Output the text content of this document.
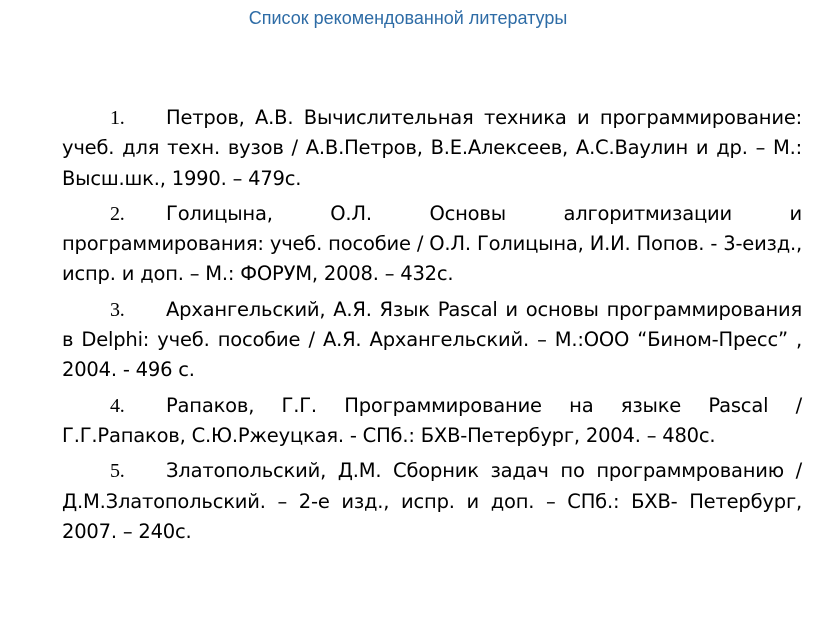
Список рекомендованной литературы
1. Петров, А.В. Вычислительная техника и программирование: учеб. для техн. вузов / А.В.Петров, В.Е.Алексеев, А.С.Ваулин и др. – М.: Высш.шк., 1990. – 479с.
2. Голицына, О.Л. Основы алгоритмизации и программирования: учеб. пособие / О.Л. Голицына, И.И. Попов. - 3-еизд., испр. и доп. – М.: ФОРУМ, 2008. – 432с.
3. Архангельский, А.Я. Язык Pascal и основы программирования в Delphi: учеб. пособие / А.Я. Архангельский. – М.:ООО “Бином-Пресс” , 2004. - 496 с.
4. Рапаков, Г.Г. Программирование на языке Pascal / Г.Г.Рапаков, С.Ю.Ржеуцкая. - СПб.: БХВ-Петербург, 2004. – 480с.
5. Златопольский, Д.М. Сборник задач по программрованию / Д.М.Златопольский. – 2-е изд., испр. и доп. – СПб.: БХВ- Петербург, 2007. – 240с.
